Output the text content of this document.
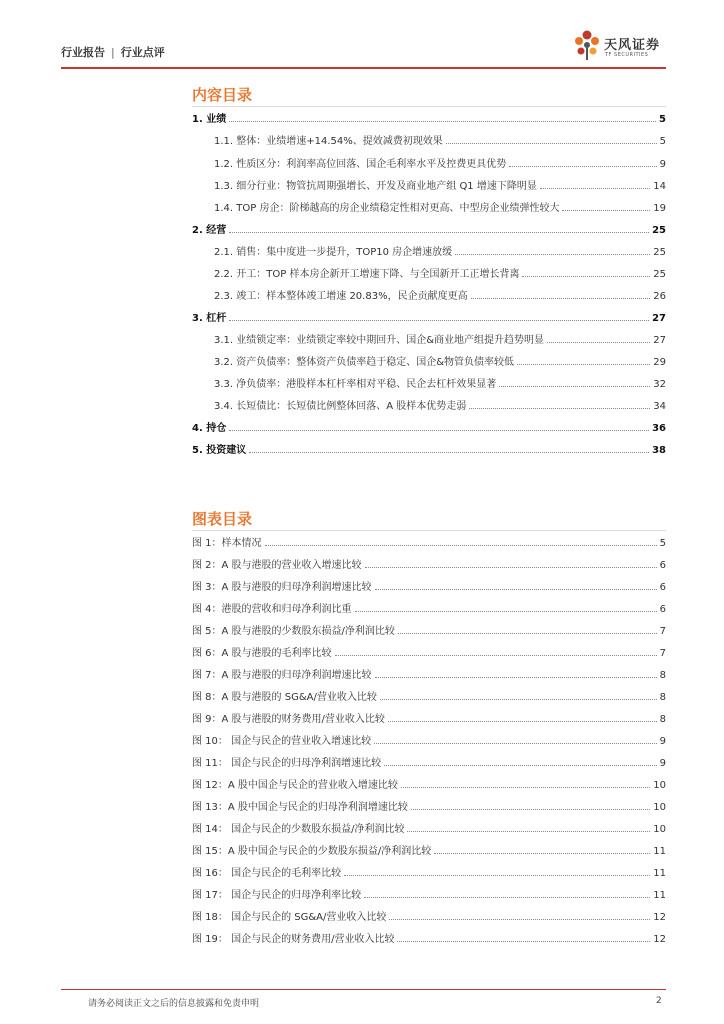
行业报告 | 行业点评	天风证券
TF SECURITIES
内容目录
1. 业绩	5
1.1. 整体：业绩增速+14.54%、提效减费初现效果	5
1.2. 性质区分：利润率高位回落、国企毛利率水平及控费更具优势	9
1.3. 细分行业：物管抗周期强增长、开发及商业地产组 Q1 增速下降明显	14
1.4. TOP 房企：阶梯越高的房企业绩稳定性相对更高、中型房企业绩弹性较大	19
2. 经营	25
2.1. 销售：集中度进一步提升，TOP10 房企增速放缓	25
2.2. 开工：TOP 样本房企新开工增速下降、与全国新开工正增长背离	25
2.3. 竣工：样本整体竣工增速 20.83%，民企贡献度更高	26
3. 杠杆	27
3.1. 业绩锁定率：业绩锁定率较中期回升、国企&商业地产组提升趋势明显	27
3.2. 资产负债率：整体资产负债率趋于稳定、国企&物管负债率较低	29
3.3. 净负债率：港股样本杠杆率相对平稳、民企去杠杆效果显著	32
3.4. 长短债比：长短债比例整体回落、A 股样本优势走弱	34
4. 持仓	36
5. 投资建议	38
图表目录
图 1：样本情况	5
图 2：A 股与港股的营业收入增速比较	6
图 3：A 股与港股的归母净利润增速比较	6
图 4：港股的营收和归母净利润比重	6
图 5：A 股与港股的少数股东损益/净利润比较	7
图 6：A 股与港股的毛利率比较	7
图 7：A 股与港股的归母净利润增速比较	8
图 8：A 股与港股的 SG&A/营业收入比较	8
图 9：A 股与港股的财务费用/营业收入比较	8
图 10： 国企与民企的营业收入增速比较	9
图 11： 国企与民企的归母净利润增速比较	9
图 12：A 股中国企与民企的营业收入增速比较	10
图 13：A 股中国企与民企的归母净利润增速比较	10
图 14： 国企与民企的少数股东损益/净利润比较	10
图 15：A 股中国企与民企的少数股东损益/净利润比较	11
图 16： 国企与民企的毛利率比较	11
图 17： 国企与民企的归母净利率比较	11
图 18： 国企与民企的 SG&A/营业收入比较	12
图 19： 国企与民企的财务费用/营业收入比较	12
请务必阅读正文之后的信息披露和免责申明	2
